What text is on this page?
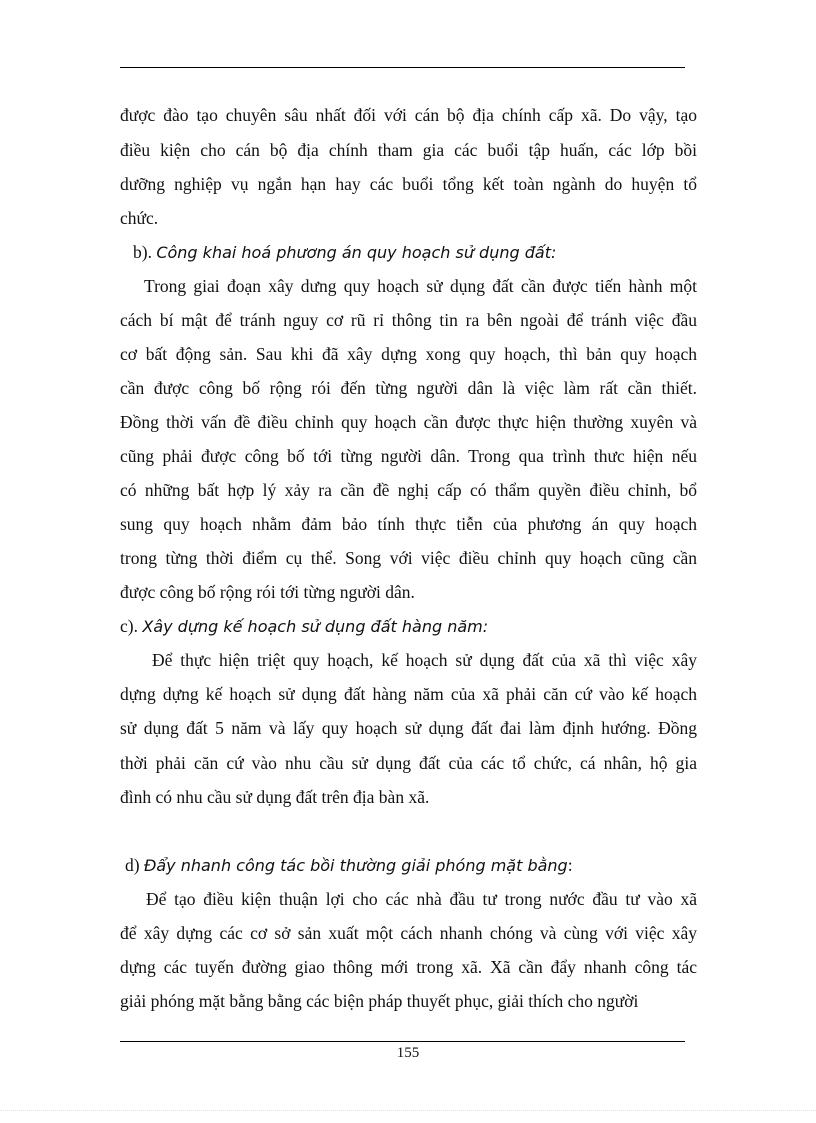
được đào tạo chuyên sâu nhất đối với cán bộ địa chính cấp xã. Do vậy, tạo
điều kiện cho cán bộ địa chính tham gia các buổi tập huấn, các lớp bồi
dưỡng nghiệp vụ ngắn hạn hay các buổi tổng kết toàn ngành do huyện tổ
chức.
b). Công khai hoá phương án quy hoạch sử dụng đất:
Trong giai đoạn xây dưng quy hoạch sử dụng đất cần được tiến hành một
cách bí mật để tránh nguy cơ rũ rỉ thông tin ra bên ngoài để tránh việc đầu
cơ bất động sản. Sau khi đã xây dựng xong quy hoạch, thì bản quy hoạch
cần được công bố rộng rói đến từng người dân là việc làm rất cần thiết.
Đồng thời vấn đề điều chỉnh quy hoạch cần được thực hiện thường xuyên và
cũng phải được công bố tới từng người dân. Trong qua trình thưc hiện nếu
có những bất hợp lý xảy ra cần đề nghị cấp có thẩm quyền điều chỉnh, bổ
sung quy hoạch nhằm đảm bảo tính thực tiễn của phương án quy hoạch
trong từng thời điểm cụ thể. Song với việc điều chỉnh quy hoạch cũng cần
được công bố rộng rói tới từng người dân.
c). Xây dựng kế hoạch sử dụng đất hàng năm:
Để thực hiện triệt quy hoạch, kế hoạch sử dụng đất của xã thì việc xây
dựng dựng kế hoạch sử dụng đất hàng năm của xã phải căn cứ vào kế hoạch
sử dụng đất 5 năm và lấy quy hoạch sử dụng đất đai làm định hướng. Đồng
thời phải căn cứ vào nhu cầu sử dụng đất của các tổ chức, cá nhân, hộ gia
đình có nhu cầu sử dụng đất trên địa bàn xã.
d) Đẩy nhanh công tác bồi thường giải phóng mặt bằng:
Để tạo điều kiện thuận lợi cho các nhà đầu tư trong nước đầu tư vào xã
để xây dựng các cơ sở sản xuất một cách nhanh chóng và cùng với việc xây
dựng các tuyến đường giao thông mới trong xã. Xã cần đẩy nhanh công tác
giải phóng mặt bằng bằng các biện pháp thuyết phục, giải thích cho người
155
